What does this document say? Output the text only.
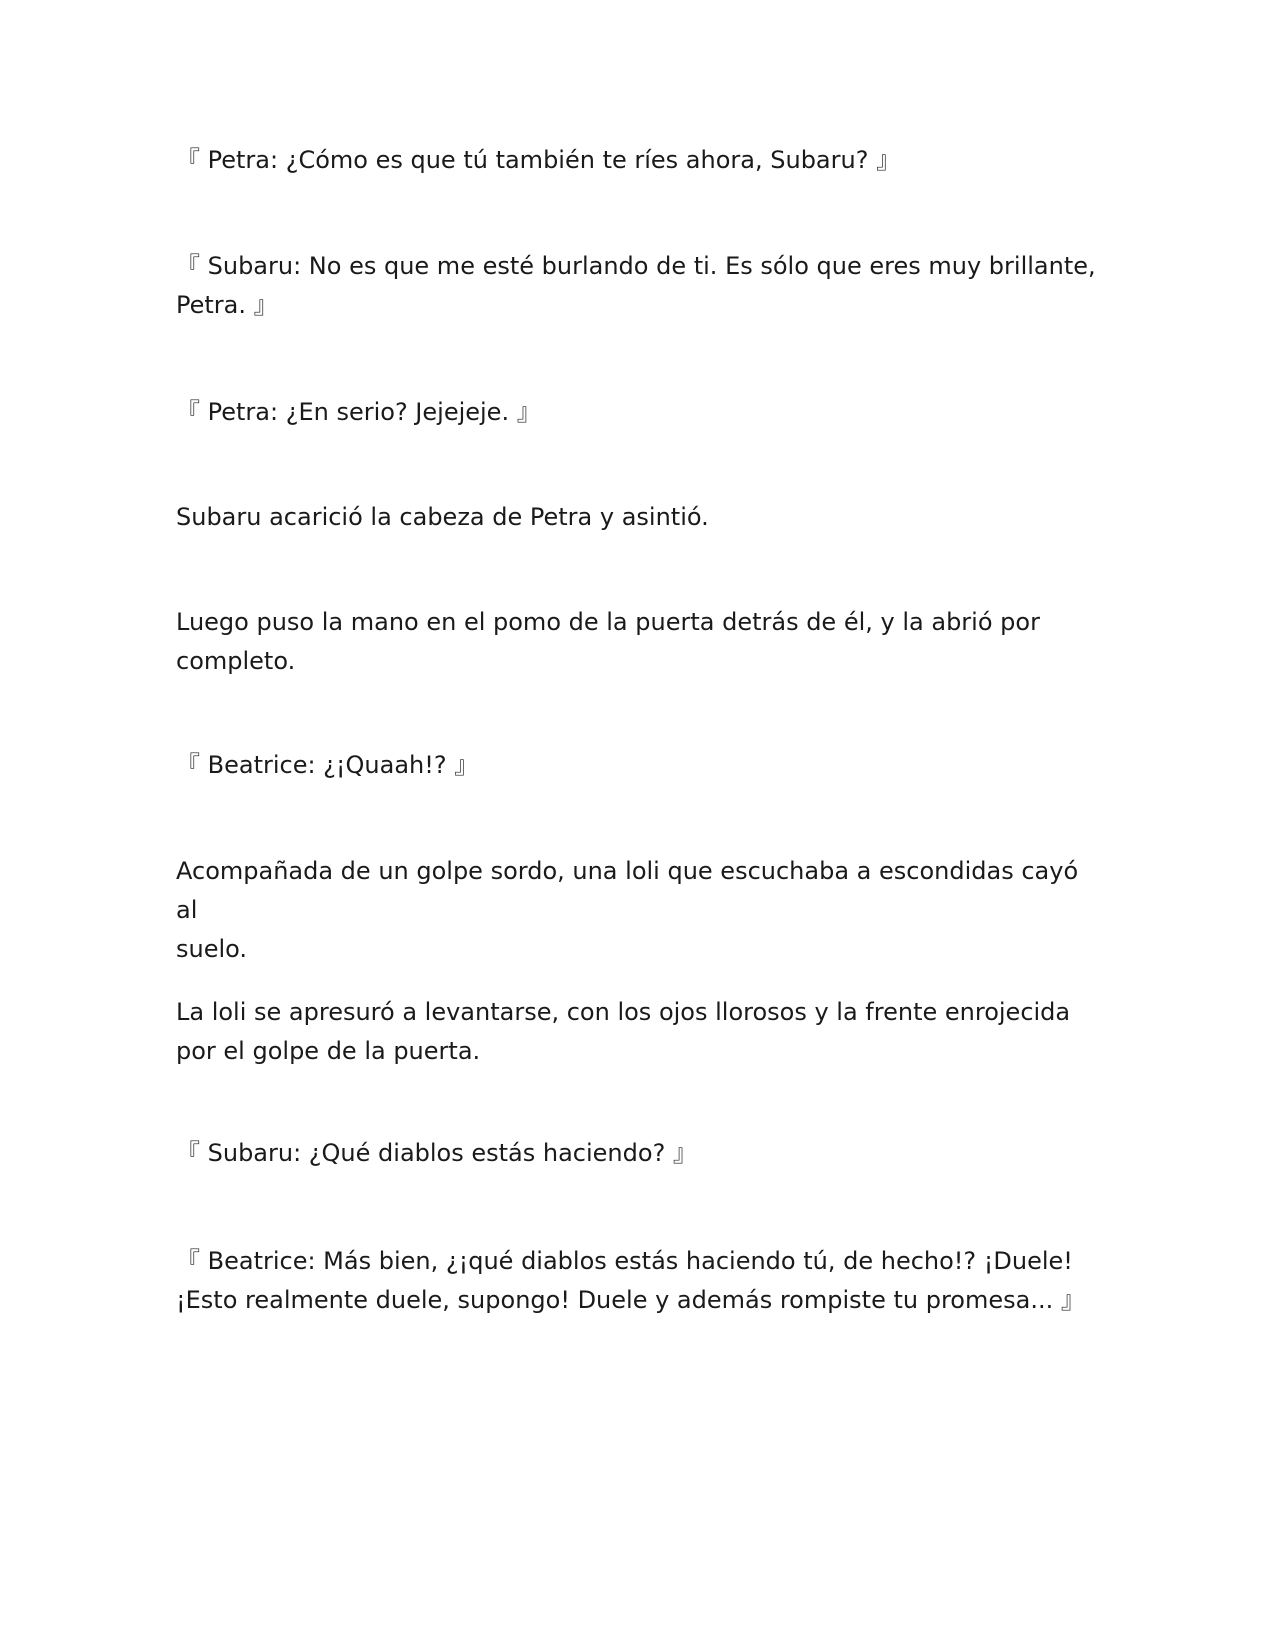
『 Petra: ¿Cómo es que tú también te ríes ahora, Subaru? 』

『 Subaru: No es que me esté burlando de ti. Es sólo que eres muy brillante,
Petra. 』

『 Petra: ¿En serio? Jejejeje. 』

Subaru acarició la cabeza de Petra y asintió.

Luego puso la mano en el pomo de la puerta detrás de él, y la abrió por
completo.

『 Beatrice: ¿¡Quaah!? 』

Acompañada de un golpe sordo, una loli que escuchaba a escondidas cayó al
suelo.

La loli se apresuró a levantarse, con los ojos llorosos y la frente enrojecida
por el golpe de la puerta.

『 Subaru: ¿Qué diablos estás haciendo? 』

『 Beatrice: Más bien, ¿¡qué diablos estás haciendo tú, de hecho!? ¡Duele!
¡Esto realmente duele, supongo! Duele y además rompiste tu promesa... 』
